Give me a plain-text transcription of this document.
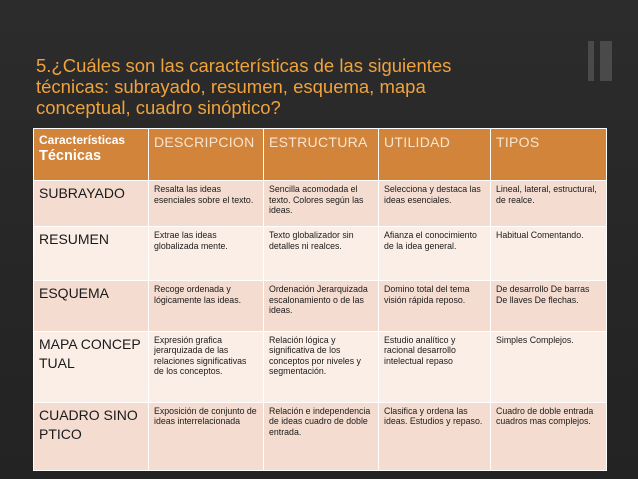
5.¿Cuáles son las características de las siguientes
técnicas: subrayado, resumen, esquema, mapa
conceptual, cuadro sinóptico?
Características
Técnicas	DESCRIPCION	ESTRUCTURA	UTILIDAD	TIPOS
SUBRAYADO	Resalta las ideas esenciales sobre el texto.	Sencilla acomodada el texto. Colores según las ideas.	Selecciona y destaca las ideas esenciales.	Lineal, lateral, estructural, de realce.
RESUMEN	Extrae las ideas globalizada mente.	Texto globalizador sin detalles ni realces.	Afianza el conocimiento de la idea general.	Habitual Comentando.
ESQUEMA	Recoge ordenada y lógicamente las ideas.	Ordenación Jerarquizada escalonamiento o de las ideas.	Domino total del tema visión rápida reposo.	De desarrollo De barras De llaves De flechas.
MAPA CONCEPTUAL	Expresión grafica jerarquizada de las relaciones significativas de los conceptos.	Relación lógica y significativa de los conceptos por niveles y segmentación.	Estudio analítico y racional desarrollo intelectual repaso	Simples Complejos.
CUADRO SINOPTICO	Exposición de conjunto de ideas interrelacionada	Relación e independencia de ideas cuadro de doble entrada.	Clasifica y ordena las ideas. Estudios y repaso.	Cuadro de doble entrada cuadros mas complejos.
